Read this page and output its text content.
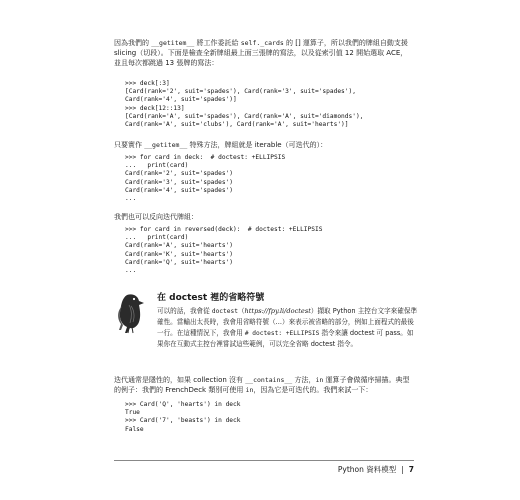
因為我們的 __getitem__ 將工作委託給 self._cards 的 [] 運算子，所以我們的牌組自動支援 slicing（切段）。下面是檢查全新牌組最上面三張牌的寫法，以及從索引值 12 開始選取 ACE，並且每次都跳過 13 張牌的寫法：

>>> deck[:3]
[Card(rank='2', suit='spades'), Card(rank='3', suit='spades'),
Card(rank='4', suit='spades')]
>>> deck[12::13]
[Card(rank='A', suit='spades'), Card(rank='A', suit='diamonds'),
Card(rank='A', suit='clubs'), Card(rank='A', suit='hearts')]

只要實作 __getitem__ 特殊方法，牌組就是 iterable（可迭代的）：

>>> for card in deck:  # doctest: +ELLIPSIS
...   print(card)
Card(rank='2', suit='spades')
Card(rank='3', suit='spades')
Card(rank='4', suit='spades')
...

我們也可以反向迭代牌組：

>>> for card in reversed(deck):  # doctest: +ELLIPSIS
...   print(card)
Card(rank='A', suit='hearts')
Card(rank='K', suit='hearts')
Card(rank='Q', suit='hearts')
...
在 doctest 裡的省略符號

可以的話，我會從 doctest（https://fpy.li/doctest）擷取 Python 主控台文字來確保準確性。當輸出太長時，我會用省略符號（...）來表示被省略的部分，例如上面程式的最後一行。在這種情況下，我會用 # doctest: +ELLIPSIS 指令來讓 doctest 可 pass。如果你在互動式主控台裡嘗試這些範例，可以完全省略 doctest 指令。

迭代通常是隱性的，如果 collection 沒有 __contains__ 方法，in 運算子會做循序掃描。典型的例子：我們的 FrenchDeck 類別可使用 in，因為它是可迭代的。我們來試一下：

>>> Card('Q', 'hearts') in deck
True
>>> Card('7', 'beasts') in deck
False
Python 資料模型 | 7
